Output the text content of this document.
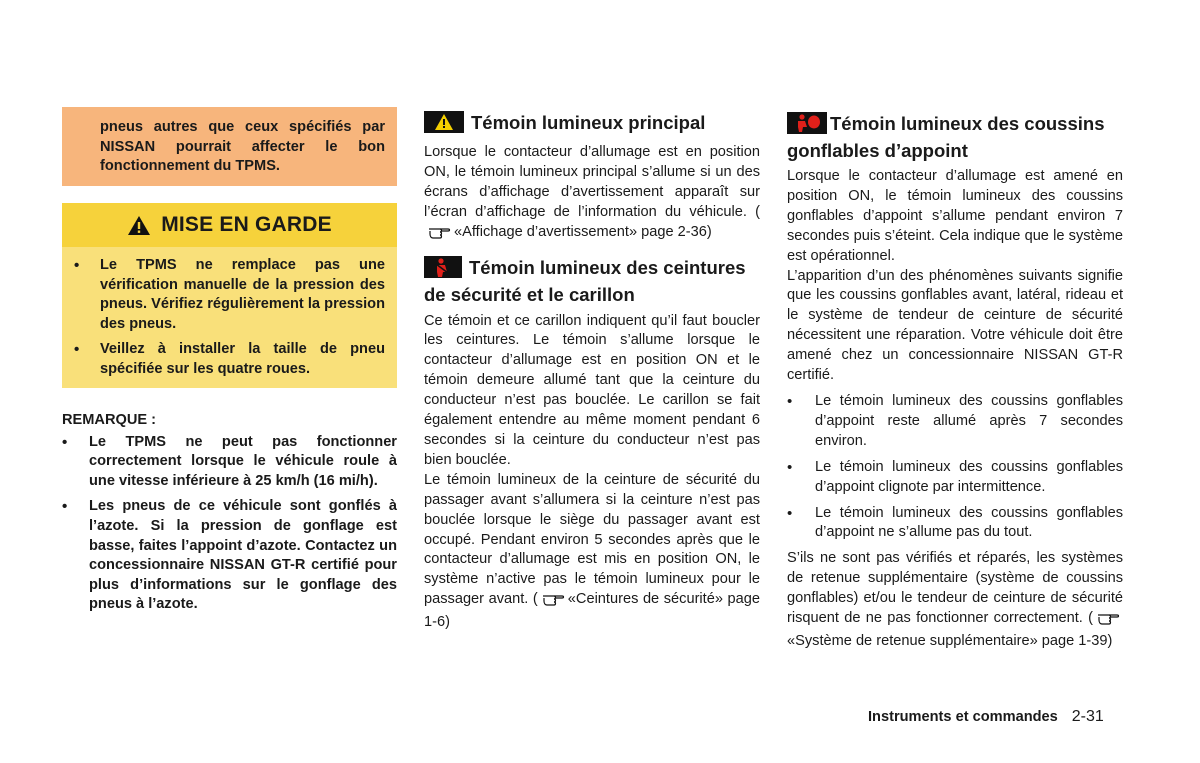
pneus autres que ceux spécifiés par NISSAN pourrait affecter le bon fonctionnement du TPMS.

MISE EN GARDE
• Le TPMS ne remplace pas une vérification manuelle de la pression des pneus. Vérifiez régulièrement la pression des pneus.
• Veillez à installer la taille de pneu spécifiée sur les quatre roues.
REMARQUE :
• Le TPMS ne peut pas fonctionner correctement lorsque le véhicule roule à une vitesse inférieure à 25 km/h (16 mi/h).
• Les pneus de ce véhicule sont gonflés à l’azote. Si la pression de gonflage est basse, faites l’appoint d’azote. Contactez un concessionnaire NISSAN GT-R certifié pour plus d’informations sur le gonflage des pneus à l’azote.
Témoin lumineux principal

Lorsque le contacteur d’allumage est en position ON, le témoin lumineux principal s’allume si un des écrans d’affichage d’avertissement apparaît sur l’écran d’affichage de l’information du véhicule. («Affichage d’avertissement» page 2-36)

Témoin lumineux des ceintures de sécurité et le carillon

Ce témoin et ce carillon indiquent qu’il faut boucler les ceintures. Le témoin s’allume lorsque le contacteur d’allumage est en position ON et le témoin demeure allumé tant que la ceinture du conducteur n’est pas bouclée. Le carillon se fait également entendre au même moment pendant 6 secondes si la ceinture du conducteur n’est pas bien bouclée.

Le témoin lumineux de la ceinture de sécurité du passager avant s’allumera si la ceinture n’est pas bouclée lorsque le siège du passager avant est occupé. Pendant environ 5 secondes après que le contacteur d’allumage est mis en position ON, le système n’active pas le témoin lumineux pour le passager avant. ( «Ceintures de sécurité» page 1-6)

Témoin lumineux des coussins gonflables d’appoint

Lorsque le contacteur d’allumage est amené en position ON, le témoin lumineux des coussins gonflables d’appoint s’allume pendant environ 7 secondes puis s’éteint. Cela indique que le système est opérationnel.

L’apparition d’un des phénomènes suivants signifie que les coussins gonflables avant, latéral, rideau et le système de tendeur de ceinture de sécurité nécessitent une réparation. Votre véhicule doit être amené chez un concessionnaire NISSAN GT-R certifié.

• Le témoin lumineux des coussins gonflables d’appoint reste allumé après 7 secondes environ.
• Le témoin lumineux des coussins gonflables d’appoint clignote par intermittence.
• Le témoin lumineux des coussins gonflables d’appoint ne s’allume pas du tout.

S’ils ne sont pas vérifiés et réparés, les systèmes de retenue supplémentaire (système de coussins gonflables) et/ou le tendeur de ceinture de sécurité risquent de ne pas fonctionner correctement. («Système de retenue supplémentaire» page 1-39)

Instruments et commandes 2-31
